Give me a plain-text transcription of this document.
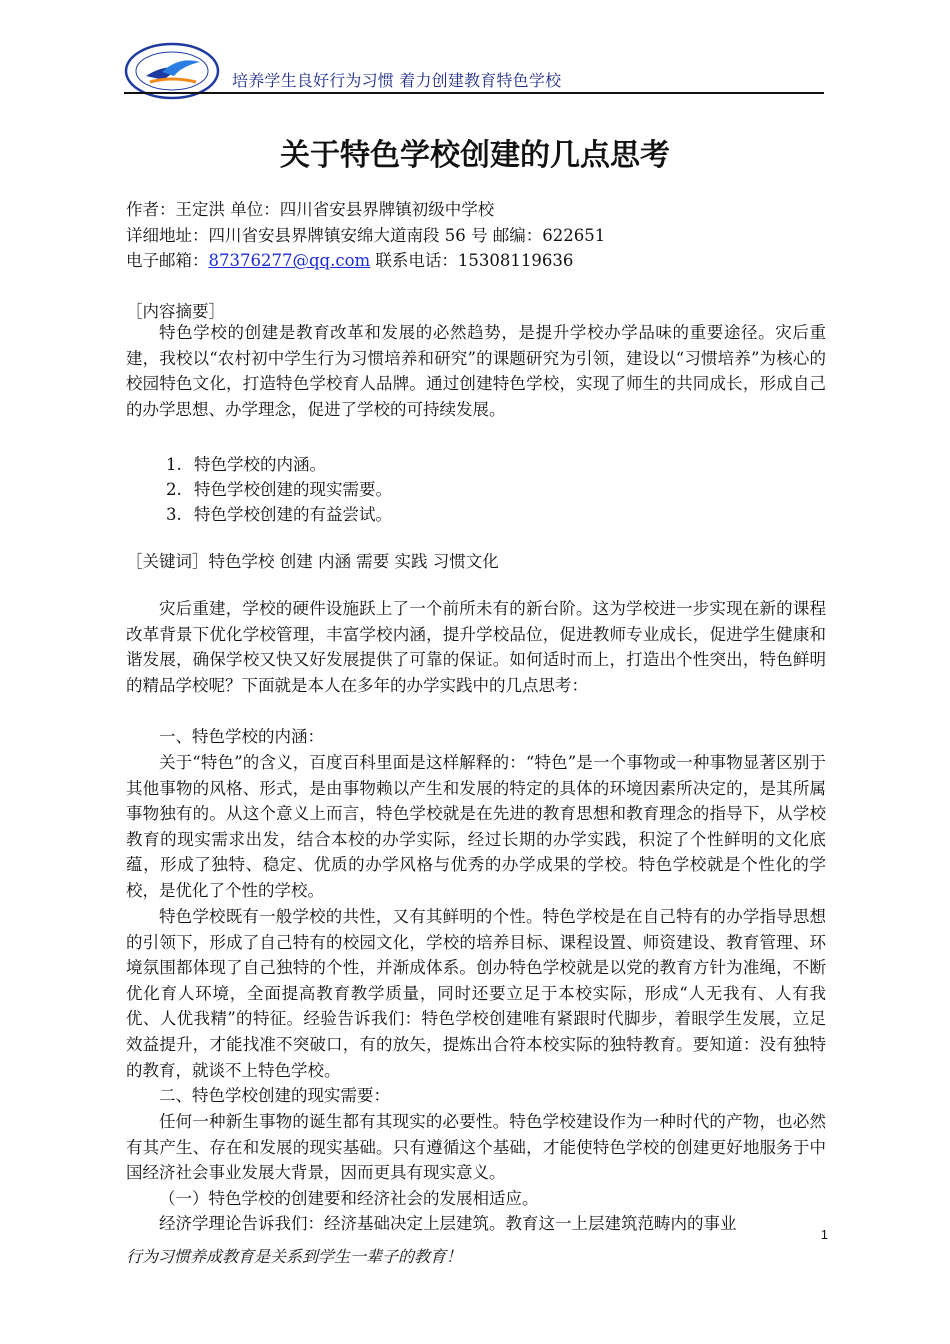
培养学生良好行为习惯 着力创建教育特色学校
关于特色学校创建的几点思考
作者：王定洪 单位：四川省安县界牌镇初级中学校
详细地址：四川省安县界牌镇安绵大道南段 56 号 邮编：622651
电子邮箱：87376277@qq.com 联系电话：15308119636
［内容摘要］

特色学校的创建是教育改革和发展的必然趋势，是提升学校办学品味的重要途径。灾后重建，我校以“农村初中学生行为习惯培养和研究”的课题研究为引领，建设以“习惯培养”为核心的校园特色文化，打造特色学校育人品牌。通过创建特色学校，实现了师生的共同成长，形成自己的办学思想、办学理念，促进了学校的可持续发展。

1. 特色学校的内涵。
2. 特色学校创建的现实需要。
3. 特色学校创建的有益尝试。
［关键词］特色学校 创建 内涵 需要 实践 习惯文化

灾后重建，学校的硬件设施跃上了一个前所未有的新台阶。这为学校进一步实现在新的课程改革背景下优化学校管理，丰富学校内涵，提升学校品位，促进教师专业成长，促进学生健康和谐发展，确保学校又快又好发展提供了可靠的保证。如何适时而上，打造出个性突出，特色鲜明的精品学校呢？下面就是本人在多年的办学实践中的几点思考：

一、特色学校的内涵：

关于“特色”的含义，百度百科里面是这样解释的：“特色”是一个事物或一种事物显著区别于其他事物的风格、形式，是由事物赖以产生和发展的特定的具体的环境因素所决定的，是其所属事物独有的。从这个意义上而言，特色学校就是在先进的教育思想和教育理念的指导下，从学校教育的现实需求出发，结合本校的办学实际，经过长期的办学实践，积淀了个性鲜明的文化底蕴，形成了独特、稳定、优质的办学风格与优秀的办学成果的学校。特色学校就是个性化的学校，是优化了个性的学校。

特色学校既有一般学校的共性，又有其鲜明的个性。特色学校是在自己特有的办学指导思想的引领下，形成了自己特有的校园文化，学校的培养目标、课程设置、师资建设、教育管理、环境氛围都体现了自己独特的个性，并渐成体系。创办特色学校就是以党的教育方针为准绳，不断优化育人环境，全面提高教育教学质量，同时还要立足于本校实际，形成“人无我有、人有我优、人优我精”的特征。经验告诉我们：特色学校创建唯有紧跟时代脚步，着眼学生发展，立足效益提升，才能找准不突破口，有的放矢，提炼出合符本校实际的独特教育。要知道：没有独特的教育，就谈不上特色学校。

二、特色学校创建的现实需要：

任何一种新生事物的诞生都有其现实的必要性。特色学校建设作为一种时代的产物，也必然有其产生、存在和发展的现实基础。只有遵循这个基础，才能使特色学校的创建更好地服务于中国经济社会事业发展大背景，因而更具有现实意义。

（一）特色学校的创建要和经济社会的发展相适应。

经济学理论告诉我们：经济基础决定上层建筑。教育这一上层建筑范畴内的事业

1
行为习惯养成教育是关系到学生一辈子的教育！
